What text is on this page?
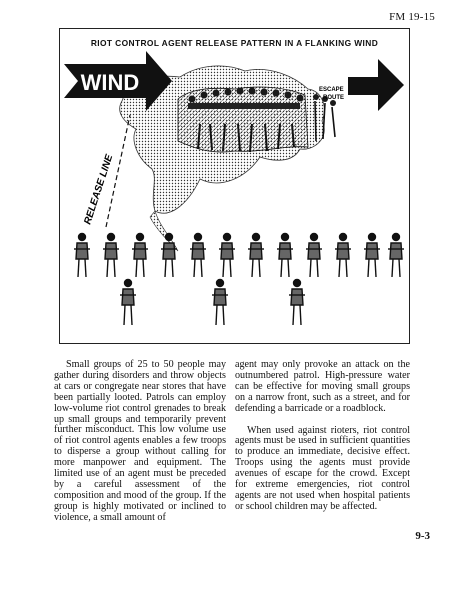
FM 19-15
RIOT CONTROL AGENT RELEASE PATTERN IN A FLANKING WIND
WIND	ESCAPE
ROUTE
RELEASE LINE

Small groups of 25 to 50 people may gather during disorders and throw objects at cars or congregate near stores that have been partially looted. Patrols can employ low-volume riot control grenades to break up small groups and temporarily prevent further misconduct. This low volume use of riot control agents enables a few troops to disperse a group without calling for more manpower and equipment. The limited use of an agent must be preceded by a careful assessment of the composition and mood of the group. If the group is highly motivated or inclined to violence, a small amount of

agent may only provoke an attack on the outnumbered patrol. High-pressure water can be effective for moving small groups on a narrow front, such as a street, and for defending a barricade or a roadblock.

When used against rioters, riot control agents must be used in sufficient quantities to produce an immediate, decisive effect. Troops using the agents must provide avenues of escape for the crowd. Except for extreme emergencies, riot control agents are not used when hospital patients or school children may be affected.

9-3
